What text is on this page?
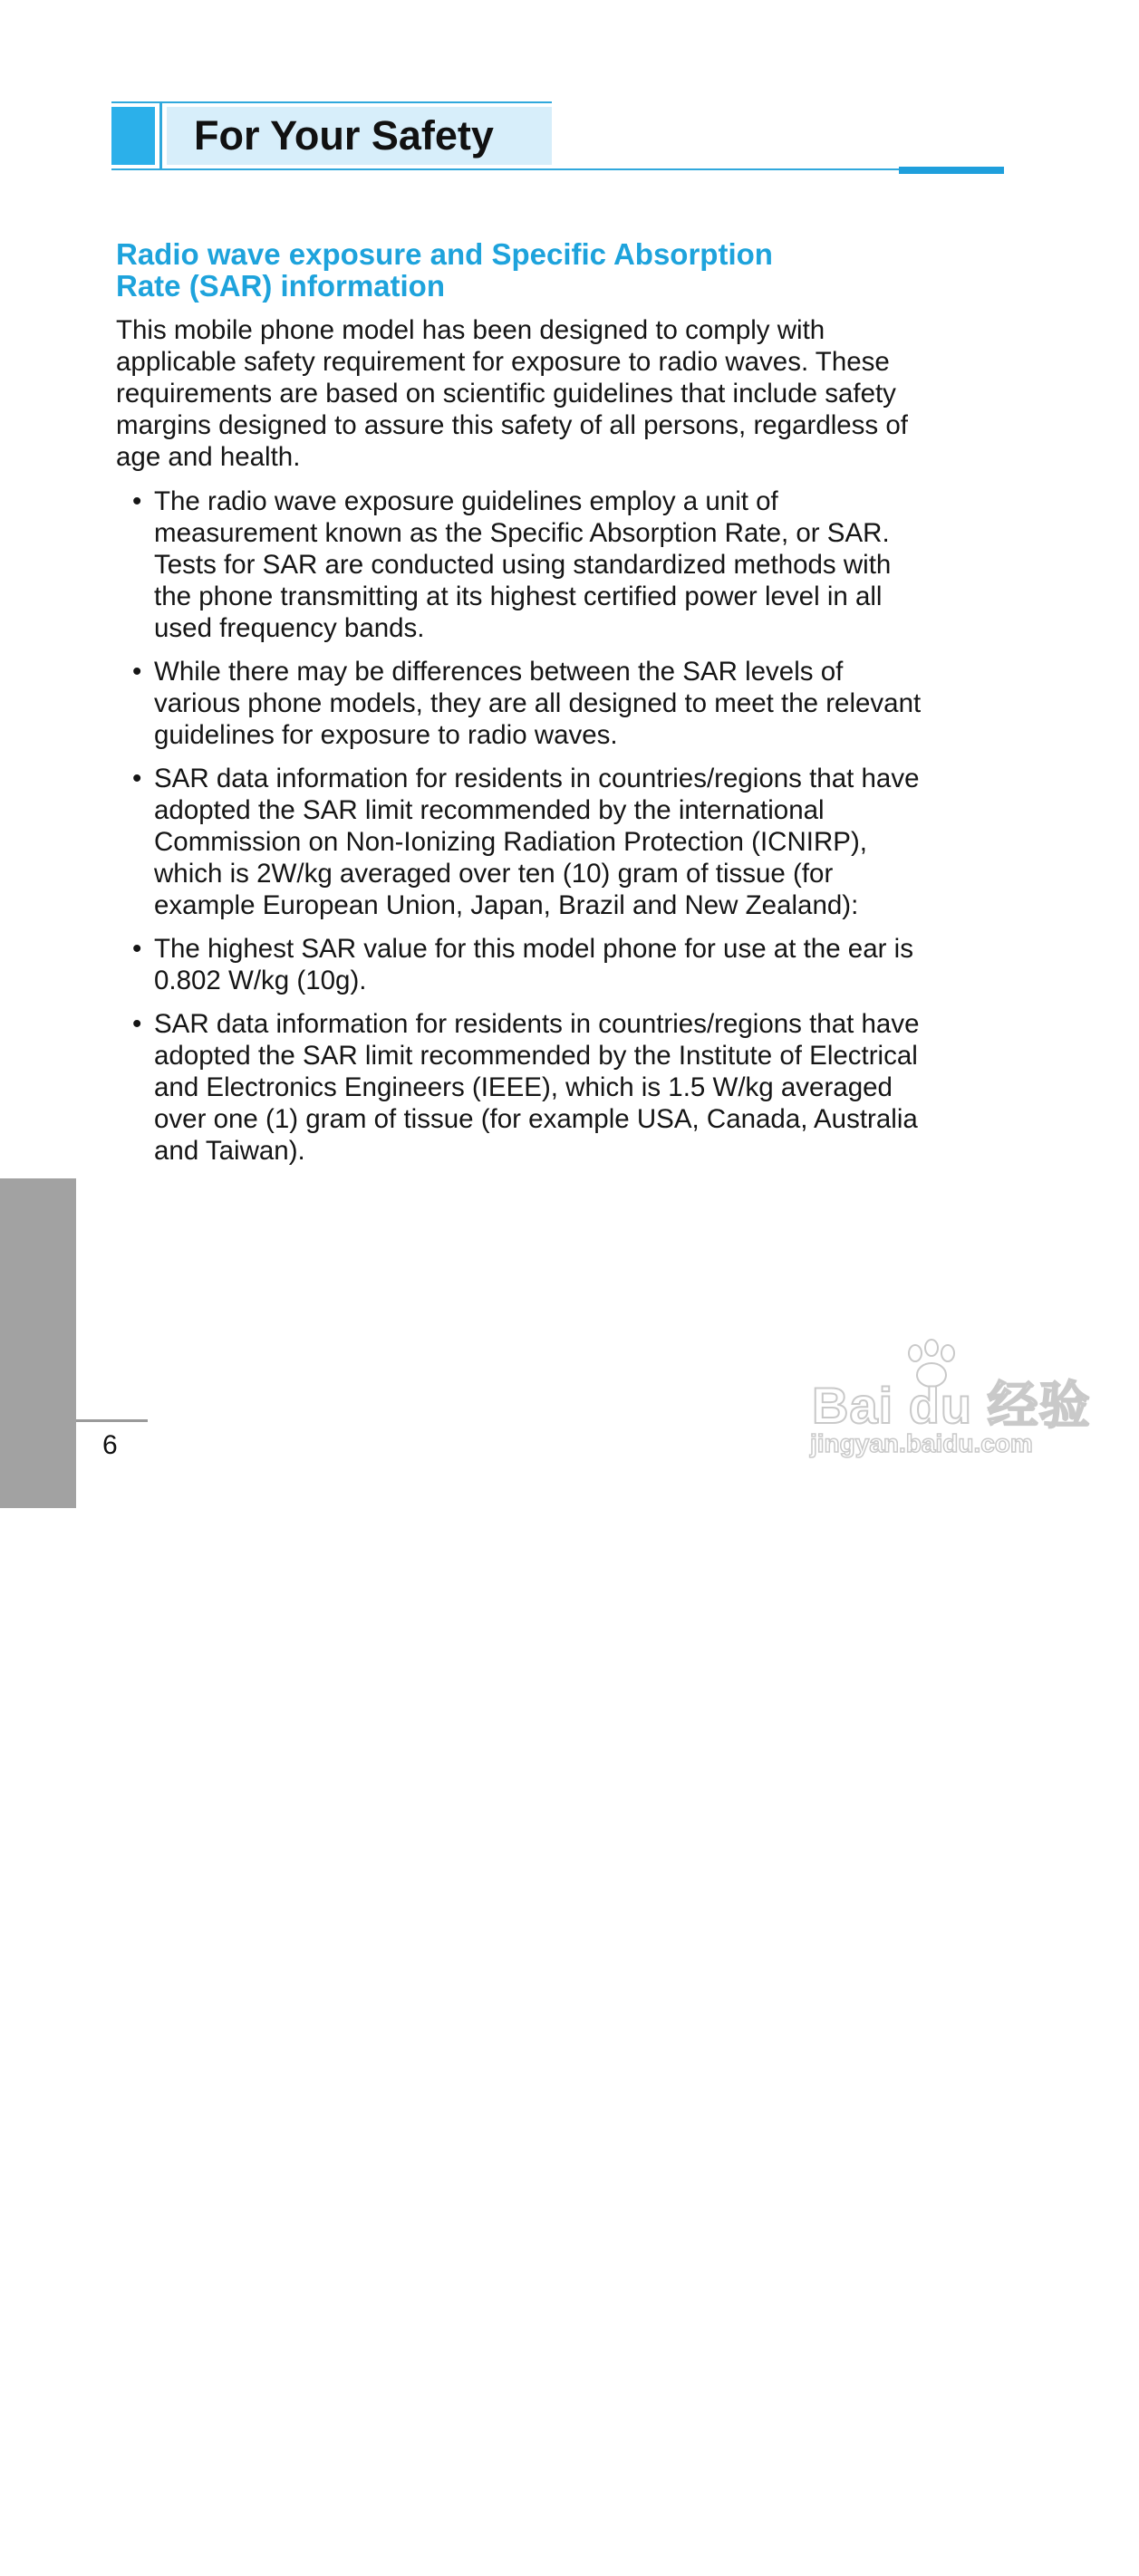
For Your Safety
Radio wave exposure and Specific Absorption
Rate (SAR) information

This mobile phone model has been designed to comply with
applicable safety requirement for exposure to radio waves. These
requirements are based on scientific guidelines that include safety
margins designed to assure this safety of all persons, regardless of
age and health.

• The radio wave exposure guidelines employ a unit of
measurement known as the Specific Absorption Rate, or SAR.
Tests for SAR are conducted using standardized methods with
the phone transmitting at its highest certified power level in all
used frequency bands.
• While there may be differences between the SAR levels of
various phone models, they are all designed to meet the relevant
guidelines for exposure to radio waves.
• SAR data information for residents in countries/regions that have
adopted the SAR limit recommended by the international
Commission on Non-Ionizing Radiation Protection (ICNIRP),
which is 2W/kg averaged over ten (10) gram of tissue (for
example European Union, Japan, Brazil and New Zealand):
• The highest SAR value for this model phone for use at the ear is
0.802 W/kg (10g).
• SAR data information for residents in countries/regions that have
adopted the SAR limit recommended by the Institute of Electrical
and Electronics Engineers (IEEE), which is 1.5 W/kg averaged
over one (1) gram of tissue (for example USA, Canada, Australia
and Taiwan).
ENGLISH
6
Bai du 经验
jingyan.baidu.com
